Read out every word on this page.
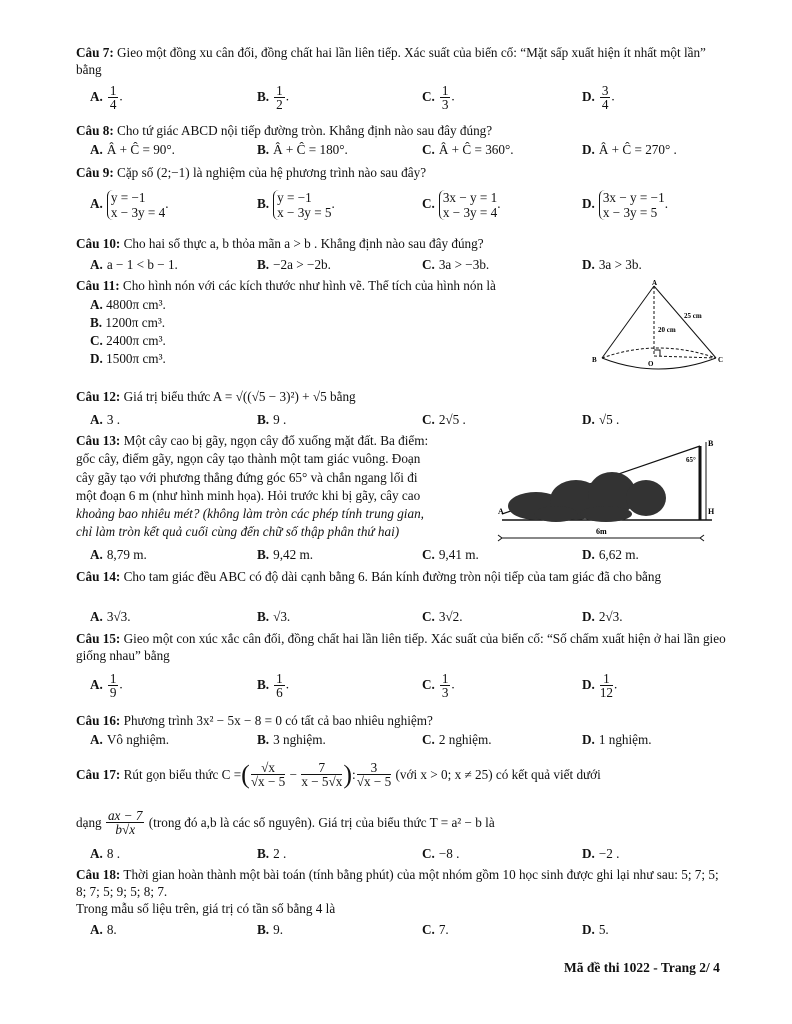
Câu 7: Gieo một đồng xu cân đối, đồng chất hai lần liên tiếp. Xác suất của biến cố: “Mặt sấp xuất hiện ít nhất một lần” bằng
A. $\frac{1}{4}$ .	B. $\frac{1}{2}$ .	C. $\frac{1}{3}$ .	D. $\frac{3}{4}$ .
Câu 8: Cho tứ giác ABCD nội tiếp đường tròn. Khẳng định nào sau đây đúng?
A. Â + Ĉ = 90°.	B. Â + Ĉ = 180°.	C. Â + Ĉ = 360°.	D. Â + Ĉ = 270° .
Câu 9: Cặp số (2;−1) là nghiệm của hệ phương trình nào sau đây?
A. y = −1
x − 3y = 4
.	B. y = −1
x − 3y = 5
.	C. 3x − y = 1
x − 3y = 4
.	D. 3x − y = −1
x − 3y = 5
.
Câu 10: Cho hai số thực a, b thỏa mãn a > b . Khẳng định nào sau đây đúng?
A. a − 1 < b − 1.	B. −2a > −2b.	C. 3a > −3b.	D. 3a > 3b.
Câu 11: Cho hình nón với các kích thước như hình vẽ. Thể tích của hình nón là
A. 4800π cm³.
B. 1200π cm³.
C. 2400π cm³.
D. 1500π cm³.
A
B	C
O
25 cm
20 cm
Câu 12: Giá trị biểu thức A = √((√5 − 3)²) + √5 bằng
A. 3 .	B. 9 .	C. 2√5 .	D. √5 .
Câu 13: Một cây cao bị gãy, ngọn cây đổ xuống mặt đất. Ba điểm:
gốc cây, điểm gãy, ngọn cây tạo thành một tam giác vuông. Đoạn
cây gãy tạo với phương thẳng đứng góc 65° và chắn ngang lối đi
một đoạn 6 m (như hình minh họa). Hỏi trước khi bị gãy, cây cao
khoảng bao nhiêu mét? (không làm tròn các phép tính trung gian,
chỉ làm tròn kết quả cuối cùng đến chữ số thập phân thứ hai)
B
H
A
65°
6m
A. 8,79 m.	B. 9,42 m.	C. 9,41 m.	D. 6,62 m.
Câu 14: Cho tam giác đều ABC có độ dài cạnh bằng 6. Bán kính đường tròn nội tiếp của tam giác đã cho bằng
A. 3√3.	B. √3.	C. 3√2.	D. 2√3.
Câu 15: Gieo một con xúc xắc cân đối, đồng chất hai lần liên tiếp. Xác suất của biến cố: “Số chấm xuất hiện ở hai lần gieo giống nhau” bằng
A. $\frac{1}{9}$ .	B. $\frac{1}{6}$ .	C. $\frac{1}{3}$ .	D. $\frac{1}{12}$ .
Câu 16: Phương trình 3x² − 5x − 8 = 0 có tất cả bao nhiêu nghiệm?
A. Vô nghiệm.	B. 3 nghiệm.	C. 2 nghiệm.	D. 1 nghiệm.
Câu 17:
Rút gọn biểu thức C = ( $\frac{√x}{√x - 5} - \frac{7}{x - 5√x}$ ) : $\frac{3}{√x - 5}$
(với x > 0; x ≠ 25) có kết quả viết dưới
dạng
$\frac{ax - 7}{b√x}$
(trong đó a,b là các số nguyên). Giá trị của biểu thức T = a² − b là
A. 8 .	B. 2 .	C. −8 .	D. −2 .
Câu 18: Thời gian hoàn thành một bài toán (tính bằng phút) của một nhóm gồm 10 học sinh được ghi lại như sau: 5; 7; 5; 8; 7; 5; 9; 5; 8; 7.
Trong mẫu số liệu trên, giá trị có tần số bằng 4 là
A. 8.	B. 9.	C. 7.	D. 5.
Mã đề thi 1022 - Trang 2/ 4
